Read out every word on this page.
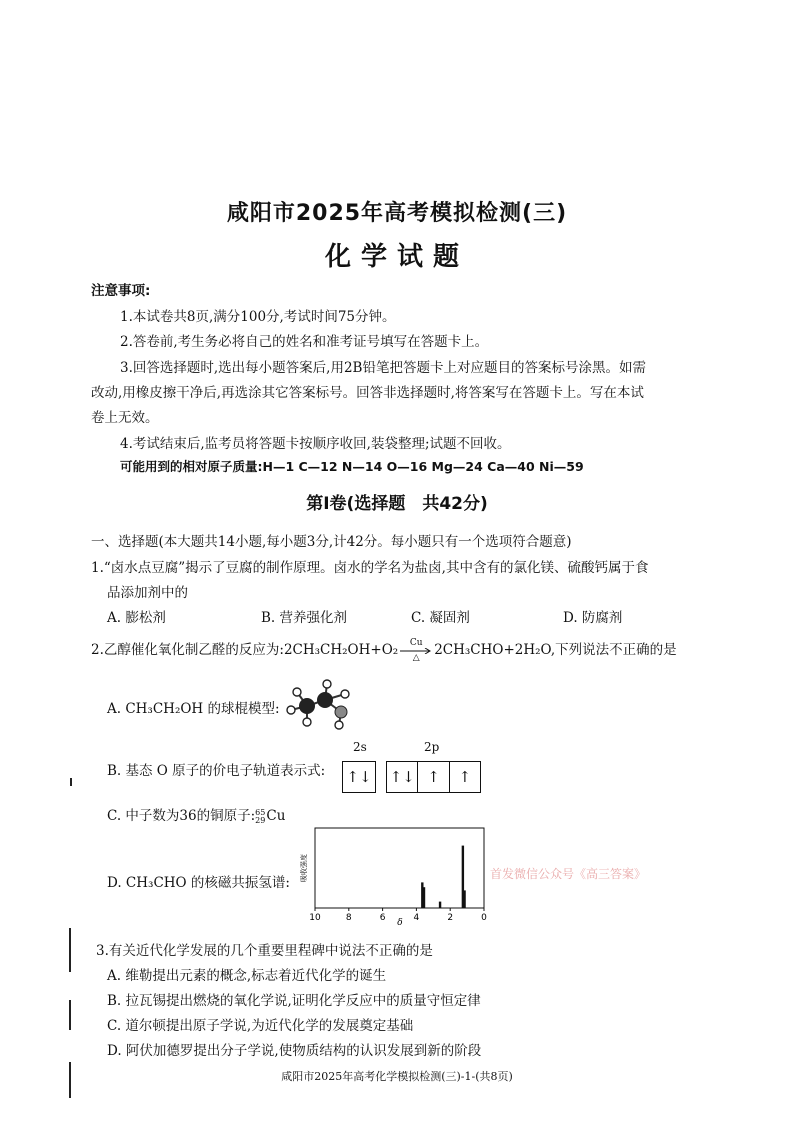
咸阳市2025年高考模拟检测(三)
化学试题
注意事项:
1.本试卷共8页,满分100分,考试时间75分钟。
2.答卷前,考生务必将自己的姓名和准考证号填写在答题卡上。
3.回答选择题时,选出每小题答案后,用2B铅笔把答题卡上对应题目的答案标号涂黑。如需
改动,用橡皮擦干净后,再选涂其它答案标号。回答非选择题时,将答案写在答题卡上。写在本试
卷上无效。
4.考试结束后,监考员将答题卡按顺序收回,装袋整理;试题不回收。
可能用到的相对原子质量:H—1 C—12 N—14 O—16 Mg—24 Ca—40 Ni—59
第Ⅰ卷(选择题　共42分)
一、选择题(本大题共14小题,每小题3分,计42分。每小题只有一个选项符合题意)
1.“卤水点豆腐”揭示了豆腐的制作原理。卤水的学名为盐卤,其中含有的氯化镁、硫酸钙属于食
品添加剂中的
A. 膨松剂	B. 营养强化剂	C. 凝固剂	D. 防腐剂
2.乙醇催化氧化制乙醛的反应为:2CH₃CH₂OH+O₂	Cu
△	2CH₃CHO+2H₂O,下列说法不正确的是
A. CH₃CH₂OH 的球棍模型:
B. 基态 O 原子的价电子轨道表示式:
2s	2p
↑↓ ↑↓ ↑	↑
C. 中子数为36的铜原子: 65
29 Cu
D. CH₃CHO 的核磁共振氢谱:
10	8	6	4	2	0
吸收强度
δ
首发微信公众号《高三答案》
3.有关近代化学发展的几个重要里程碑中说法不正确的是
A. 维勒提出元素的概念,标志着近代化学的诞生
B. 拉瓦锡提出燃烧的氧化学说,证明化学反应中的质量守恒定律
C. 道尔顿提出原子学说,为近代化学的发展奠定基础
D. 阿伏加德罗提出分子学说,使物质结构的认识发展到新的阶段
咸阳市2025年高考化学模拟检测(三)-1-(共8页)
